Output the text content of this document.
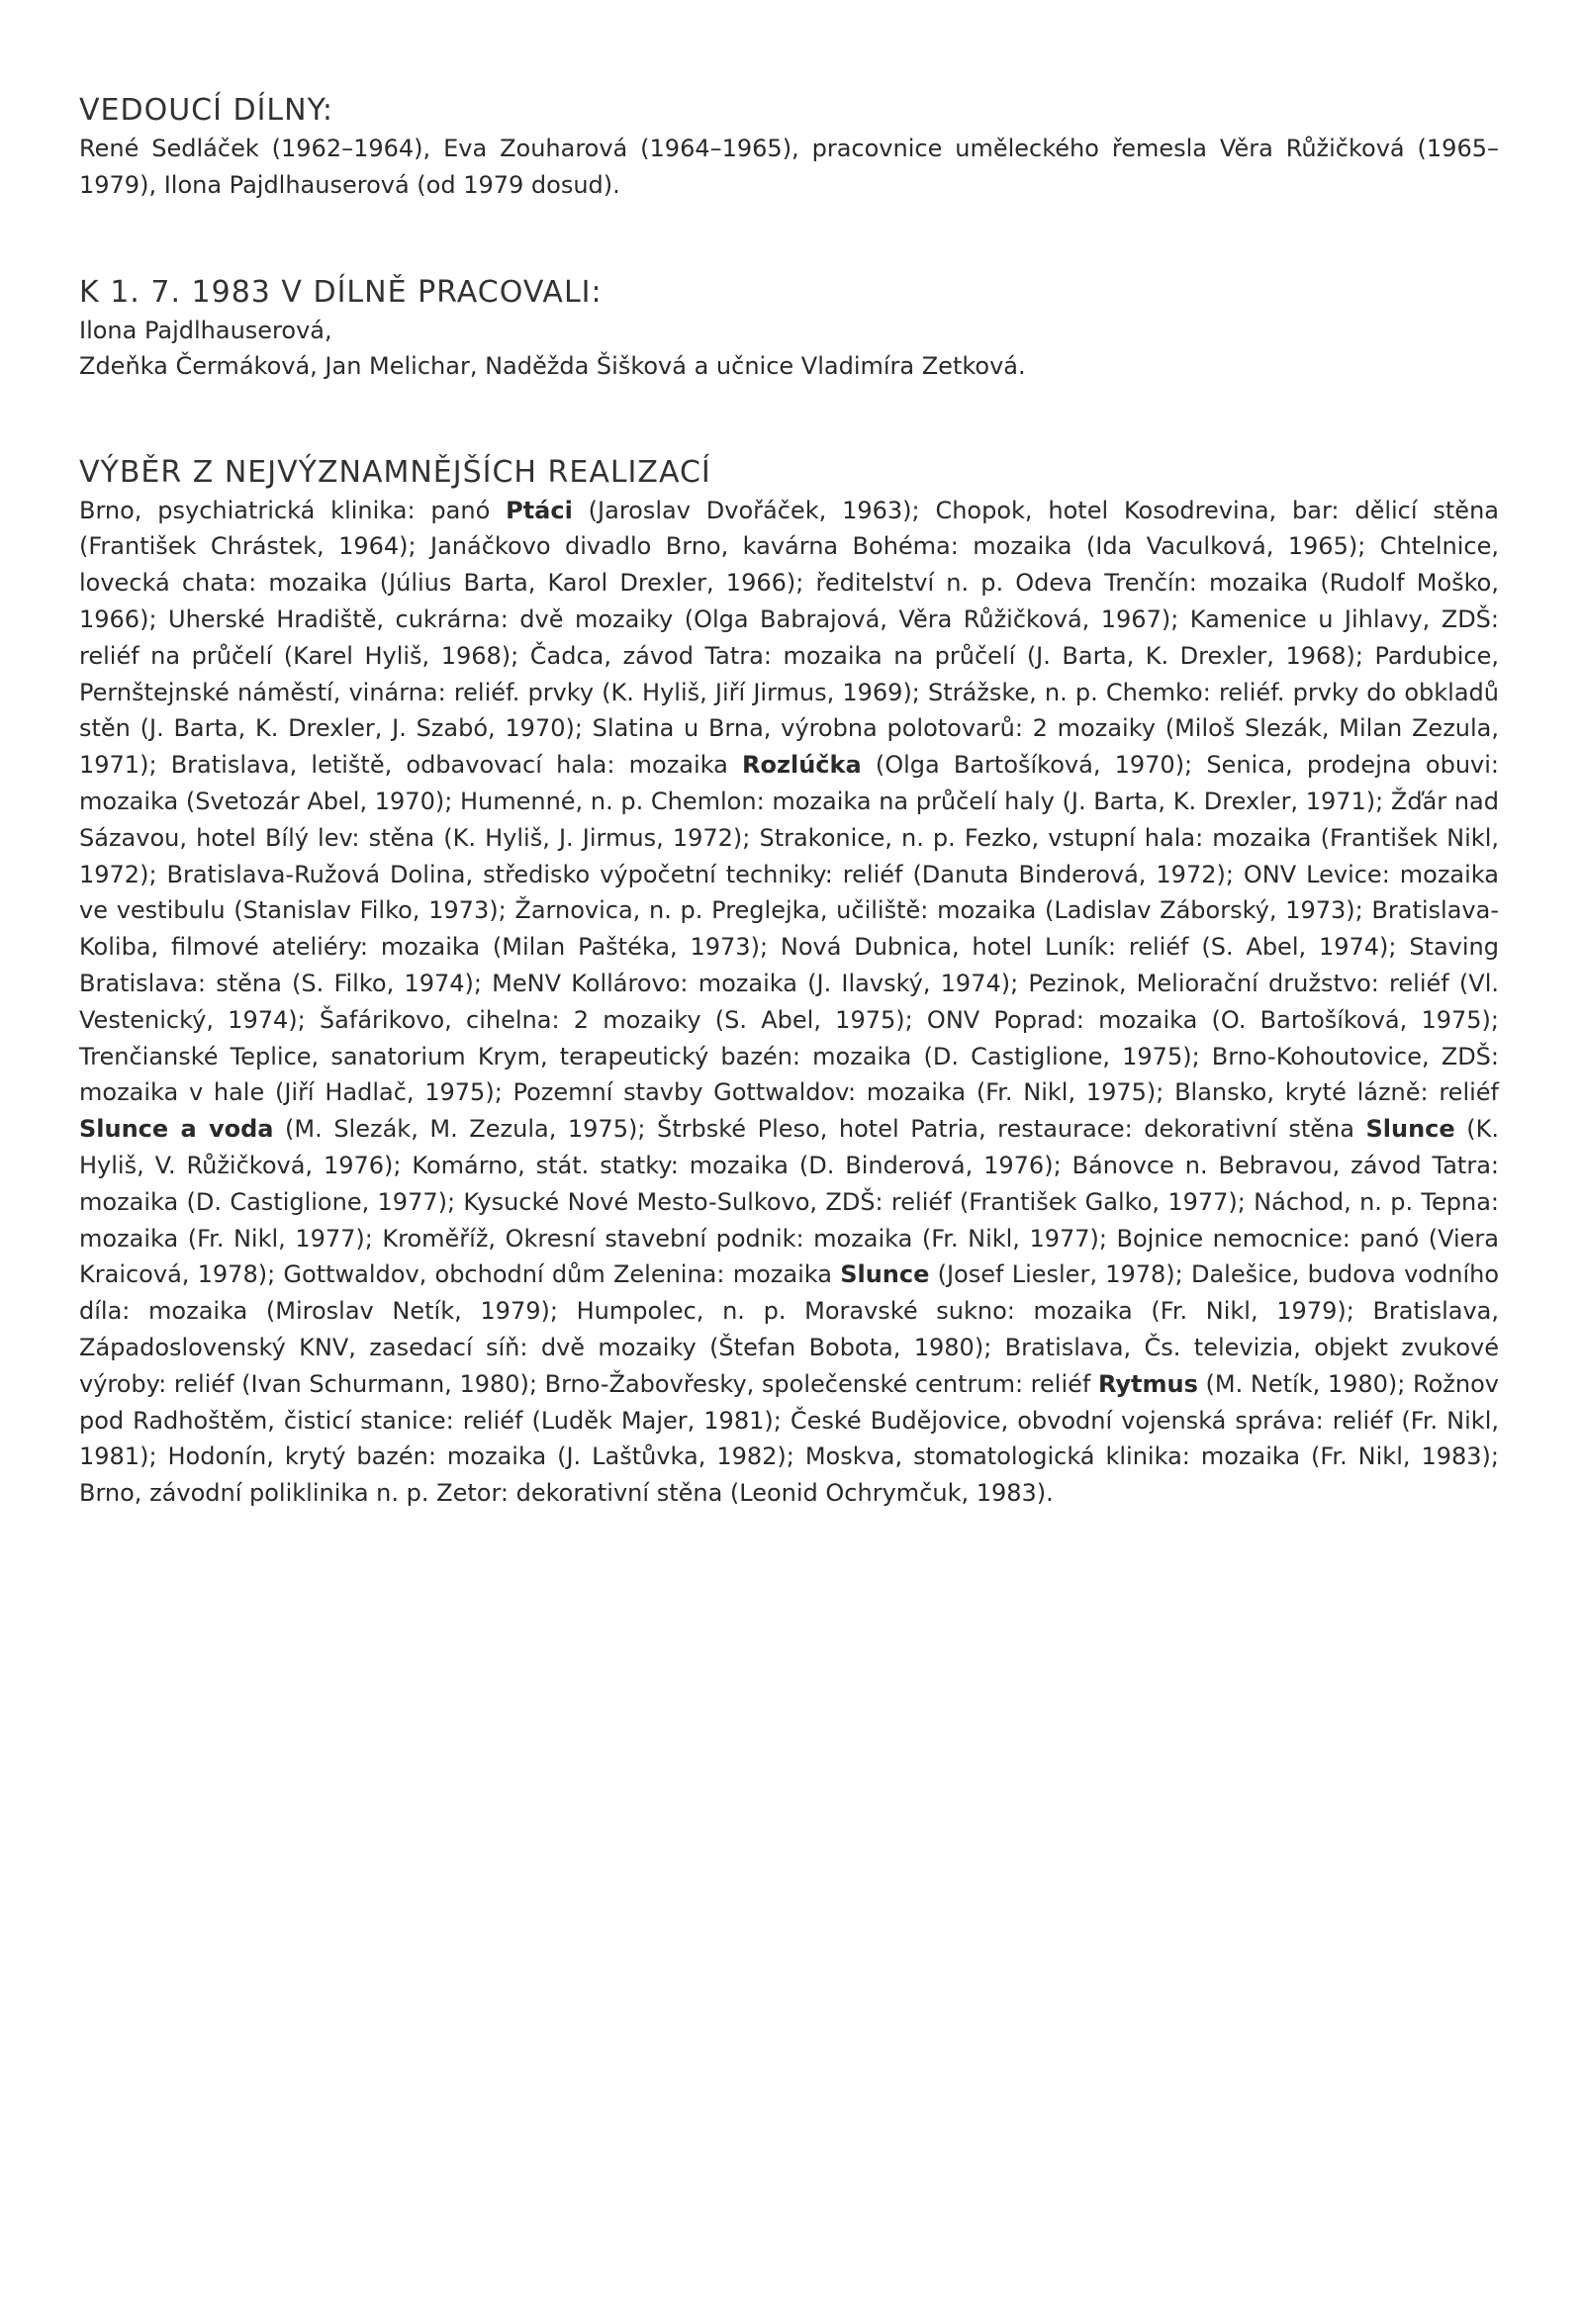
VEDOUCÍ DÍLNY:

René Sedláček (1962–1964), Eva Zouharová (1964–1965), pracovnice uměleckého řemesla Věra Růžičková (1965–1979), Ilona Pajdlhauserová (od 1979 dosud).

K 1. 7. 1983 V DÍLNĚ PRACOVALI:

Ilona Pajdlhauserová,

Zdeňka Čermáková, Jan Melichar, Naděžda Šišková a učnice Vladimíra Zetková.

VÝBĚR Z NEJVÝZNAMNĚJŠÍCH REALIZACÍ

Brno, psychiatrická klinika: panó Ptáci (Jaroslav Dvořáček, 1963); Chopok, hotel Kosodrevina, bar: dělicí stěna (František Chrástek, 1964); Janáčkovo divadlo Brno, kavárna Bohéma: mozaika (Ida Vaculková, 1965); Chtelnice, lovecká chata: mozaika (Július Barta, Karol Drexler, 1966); ředitelství n. p. Odeva Trenčín: mozaika (Rudolf Moško, 1966); Uherské Hradiště, cukrárna: dvě mozaiky (Olga Babrajová, Věra Růžičková, 1967); Kamenice u Jihlavy, ZDŠ: reliéf na průčelí (Karel Hyliš, 1968); Čadca, závod Tatra: mozaika na průčelí (J. Barta, K. Drexler, 1968); Pardubice, Pernštejnské náměstí, vinárna: reliéf. prvky (K. Hyliš, Jiří Jirmus, 1969); Strážske, n. p. Chemko: reliéf. prvky do obkladů stěn (J. Barta, K. Drexler, J. Szabó, 1970); Slatina u Brna, výrobna polotovarů: 2 mozaiky (Miloš Slezák, Milan Zezula, 1971); Bratislava, letiště, odbavovací hala: mozaika Rozlúčka (Olga Bartošíková, 1970); Senica, prodejna obuvi: mozaika (Svetozár Abel, 1970); Humenné, n. p. Chemlon: mozaika na průčelí haly (J. Barta, K. Drexler, 1971); Žďár nad Sázavou, hotel Bílý lev: stěna (K. Hyliš, J. Jirmus, 1972); Strakonice, n. p. Fezko, vstupní hala: mozaika (František Nikl, 1972); Bratislava-Ružová Dolina, středisko výpočetní techniky: reliéf (Danuta Binderová, 1972); ONV Levice: mozaika ve vestibulu (Stanislav Filko, 1973); Žarnovica, n. p. Preglejka, učiliště: mozaika (Ladislav Záborský, 1973); Bratislava-Koliba, filmové ateliéry: mozaika (Milan Paštéka, 1973); Nová Dubnica, hotel Luník: reliéf (S. Abel, 1974); Staving Bratislava: stěna (S. Filko, 1974); MeNV Kollárovo: mozaika (J. Ilavský, 1974); Pezinok, Meliorační družstvo: reliéf (Vl. Vestenický, 1974); Šafárikovo, cihelna: 2 mozaiky (S. Abel, 1975); ONV Poprad: mozaika (O. Bartošíková, 1975); Trenčianské Teplice, sanatorium Krym, terapeutický bazén: mozaika (D. Castiglione, 1975); Brno-Kohoutovice, ZDŠ: mozaika v hale (Jiří Hadlač, 1975); Pozemní stavby Gottwaldov: mozaika (Fr. Nikl, 1975); Blansko, kryté lázně: reliéf Slunce a voda (M. Slezák, M. Zezula, 1975); Štrbské Pleso, hotel Patria, restaurace: dekorativní stěna Slunce (K. Hyliš, V. Růžičková, 1976); Komárno, stát. statky: mozaika (D. Binderová, 1976); Bánovce n. Bebravou, závod Tatra: mozaika (D. Castiglione, 1977); Kysucké Nové Mesto-Sulkovo, ZDŠ: reliéf (František Galko, 1977); Náchod, n. p. Tepna: mozaika (Fr. Nikl, 1977); Kroměříž, Okresní stavební podnik: mozaika (Fr. Nikl, 1977); Bojnice nemocnice: panó (Viera Kraicová, 1978); Gottwaldov, obchodní dům Zelenina: mozaika Slunce (Josef Liesler, 1978); Dalešice, budova vodního díla: mozaika (Miroslav Netík, 1979); Humpolec, n. p. Moravské sukno: mozaika (Fr. Nikl, 1979); Bratislava, Západoslovenský KNV, zasedací síň: dvě mozaiky (Štefan Bobota, 1980); Bratislava, Čs. televizia, objekt zvukové výroby: reliéf (Ivan Schurmann, 1980); Brno-Žabovřesky, společenské centrum: reliéf Rytmus (M. Netík, 1980); Rožnov pod Radhoštěm, čisticí stanice: reliéf (Luděk Majer, 1981); České Budějovice, obvodní vojenská správa: reliéf (Fr. Nikl, 1981); Hodonín, krytý bazén: mozaika (J. Laštůvka, 1982); Moskva, stomatologická klinika: mozaika (Fr. Nikl, 1983); Brno, závodní poliklinika n. p. Zetor: dekorativní stěna (Leonid Ochrymčuk, 1983).
